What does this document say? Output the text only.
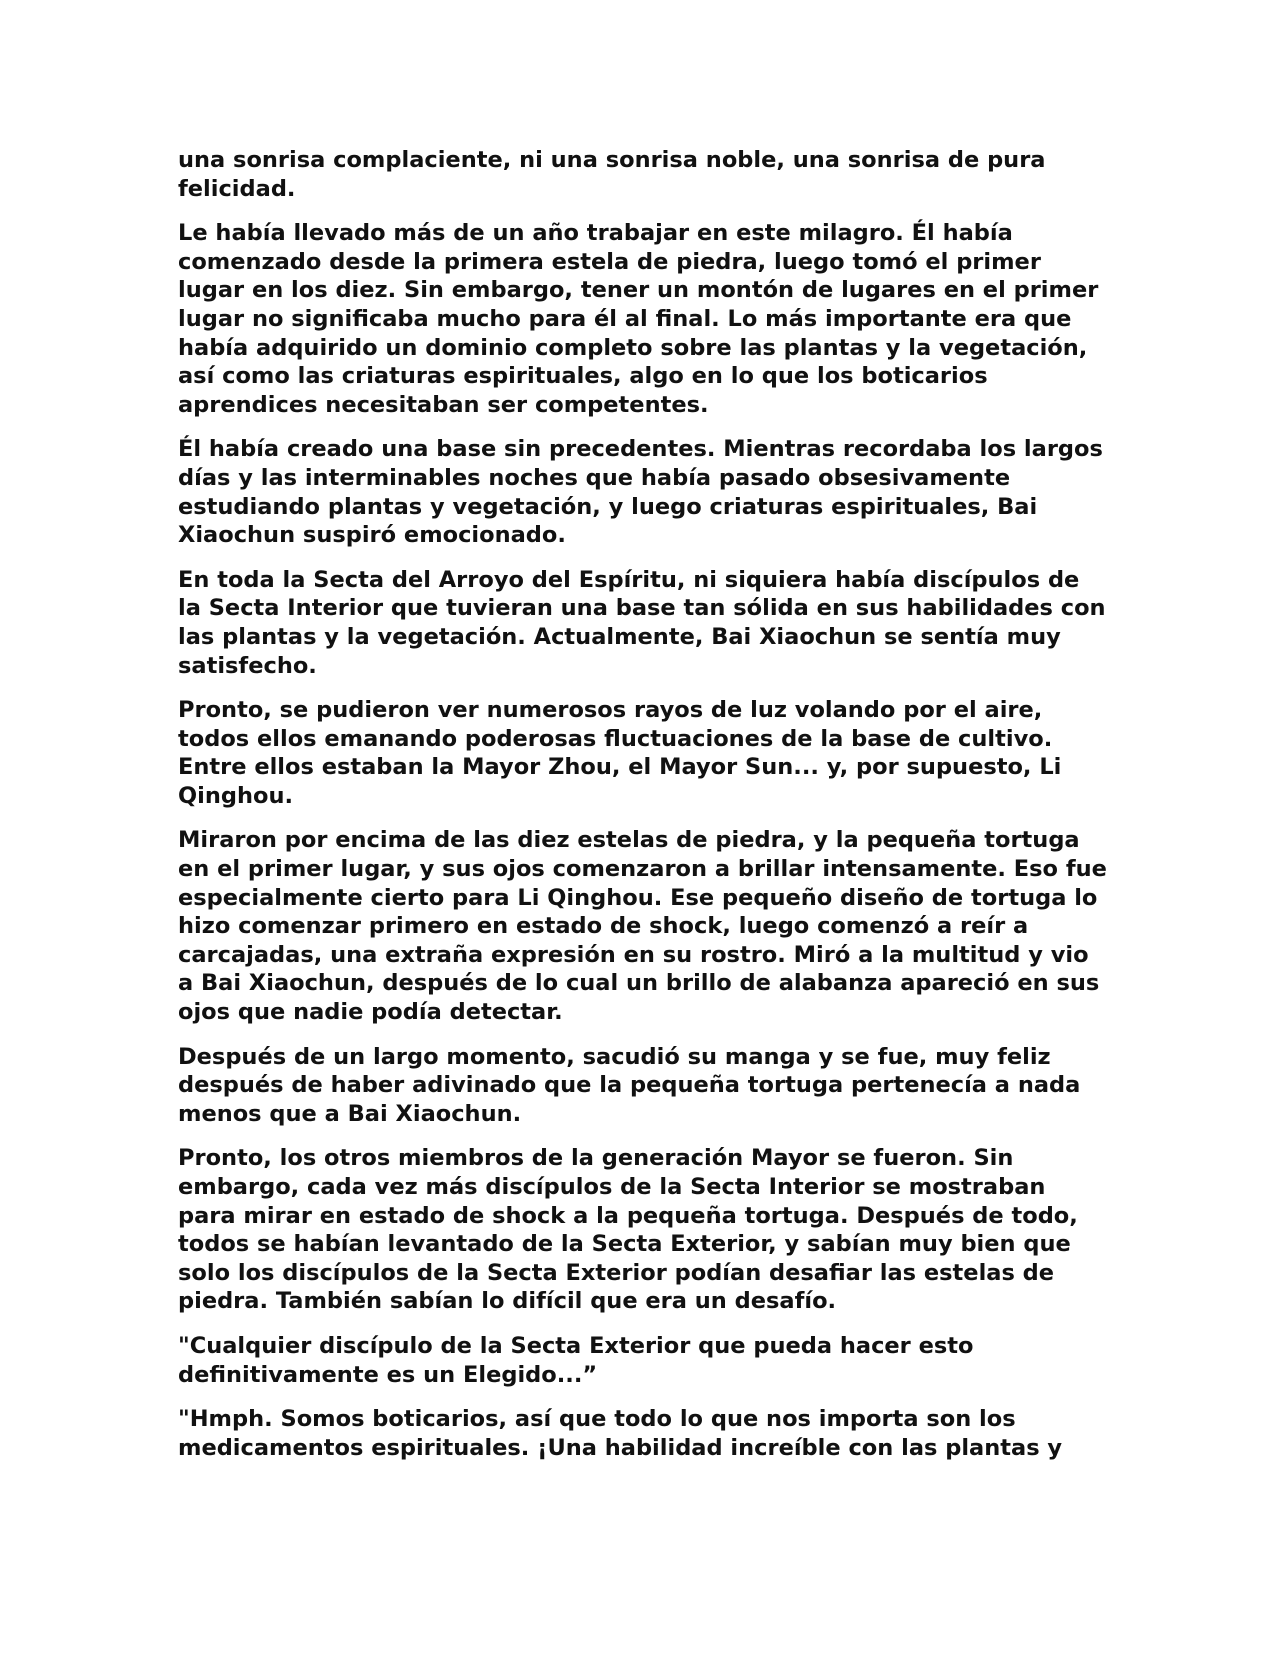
una sonrisa complaciente, ni una sonrisa noble, una sonrisa de pura felicidad.

Le había llevado más de un año trabajar en este milagro. Él había comenzado desde la primera estela de piedra, luego tomó el primer lugar en los diez. Sin embargo, tener un montón de lugares en el primer lugar no significaba mucho para él al final. Lo más importante era que había adquirido un dominio completo sobre las plantas y la vegetación, así como las criaturas espirituales, algo en lo que los boticarios aprendices necesitaban ser competentes.

Él había creado una base sin precedentes. Mientras recordaba los largos días y las interminables noches que había pasado obsesivamente estudiando plantas y vegetación, y luego criaturas espirituales, Bai Xiaochun suspiró emocionado.

En toda la Secta del Arroyo del Espíritu, ni siquiera había discípulos de la Secta Interior que tuvieran una base tan sólida en sus habilidades con las plantas y la vegetación. Actualmente, Bai Xiaochun se sentía muy satisfecho.

Pronto, se pudieron ver numerosos rayos de luz volando por el aire, todos ellos emanando poderosas fluctuaciones de la base de cultivo. Entre ellos estaban la Mayor Zhou, el Mayor Sun... y, por supuesto, Li Qinghou.

Miraron por encima de las diez estelas de piedra, y la pequeña tortuga en el primer lugar, y sus ojos comenzaron a brillar intensamente. Eso fue especialmente cierto para Li Qinghou. Ese pequeño diseño de tortuga lo hizo comenzar primero en estado de shock, luego comenzó a reír a carcajadas, una extraña expresión en su rostro. Miró a la multitud y vio a Bai Xiaochun, después de lo cual un brillo de alabanza apareció en sus ojos que nadie podía detectar.

Después de un largo momento, sacudió su manga y se fue, muy feliz después de haber adivinado que la pequeña tortuga pertenecía a nada menos que a Bai Xiaochun.

Pronto, los otros miembros de la generación Mayor se fueron. Sin embargo, cada vez más discípulos de la Secta Interior se mostraban para mirar en estado de shock a la pequeña tortuga. Después de todo, todos se habían levantado de la Secta Exterior, y sabían muy bien que solo los discípulos de la Secta Exterior podían desafiar las estelas de piedra. También sabían lo difícil que era un desafío.

"Cualquier discípulo de la Secta Exterior que pueda hacer esto definitivamente es un Elegido...”

"Hmph. Somos boticarios, así que todo lo que nos importa son los medicamentos espirituales. ¡Una habilidad increíble con las plantas y
